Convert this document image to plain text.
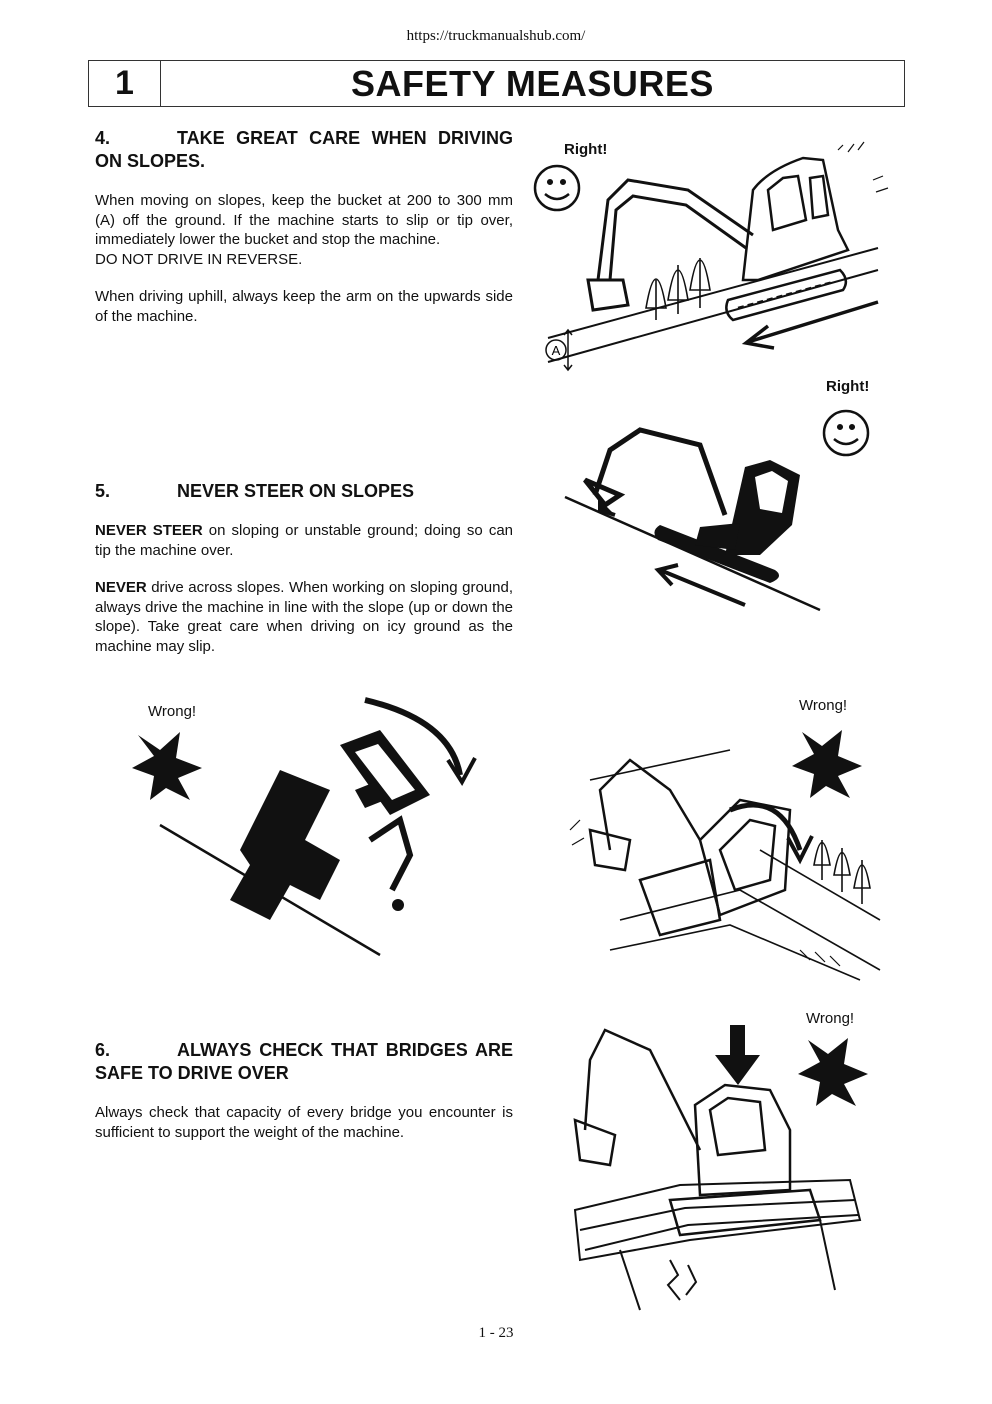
https://truckmanualshub.com/
1	SAFETY MEASURES
4.	TAKE GREAT CARE WHEN DRIVING ON SLOPES.

When moving on slopes, keep the bucket at 200 to 300 mm (A) off the ground. If the machine starts to slip or tip over, immediately lower the bucket and stop the machine.

DO NOT DRIVE IN REVERSE.

When driving uphill, always keep the arm on the upwards side of the machine.

5.	NEVER STEER ON SLOPES

NEVER STEER on sloping or unstable ground; doing so can tip the machine over.

NEVER drive across slopes. When working on sloping ground, always drive the machine in line with the slope (up or down the slope). Take great care when driving on icy ground as the machine may slip.

6.	ALWAYS CHECK THAT BRIDGES ARE SAFE TO DRIVE OVER

Always check that capacity of every bridge you encounter is sufficient to support the weight of the machine.

Right!
A
Right!
Wrong!	Wrong!
Wrong!
1 - 23
